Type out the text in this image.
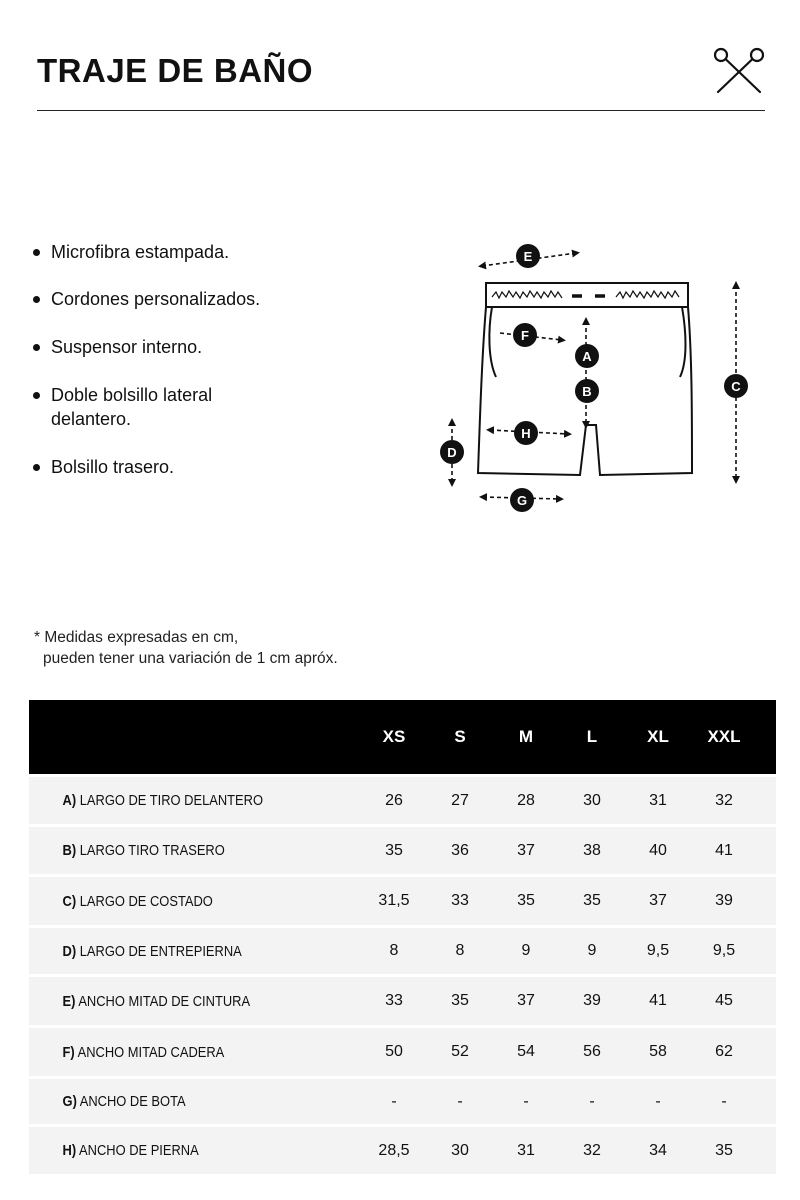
TRAJE DE BAÑO
Microfibra estampada.
Cordones personalizados.
Suspensor interno.
Doble bolsillo lateral
delantero.
Bolsillo trasero.
E
F
A
B	C
D
H
G
* Medidas expresadas en cm,
pueden tener una variación de 1 cm apróx.
XS	S	M	L	XL	XXL
A) LARGO DE TIRO DELANTERO	26	27	28	30	31	32
B) LARGO TIRO TRASERO	35	36	37	38	40	41
C) LARGO DE COSTADO	31,5	33	35	35	37	39
D) LARGO DE ENTREPIERNA	8	8	9	9	9,5	9,5
E) ANCHO MITAD DE CINTURA	33	35	37	39	41	45
F) ANCHO MITAD CADERA	50	52	54	56	58	62
G) ANCHO DE BOTA	-	-	-	-	-	-
H) ANCHO DE PIERNA	28,5	30	31	32	34	35
